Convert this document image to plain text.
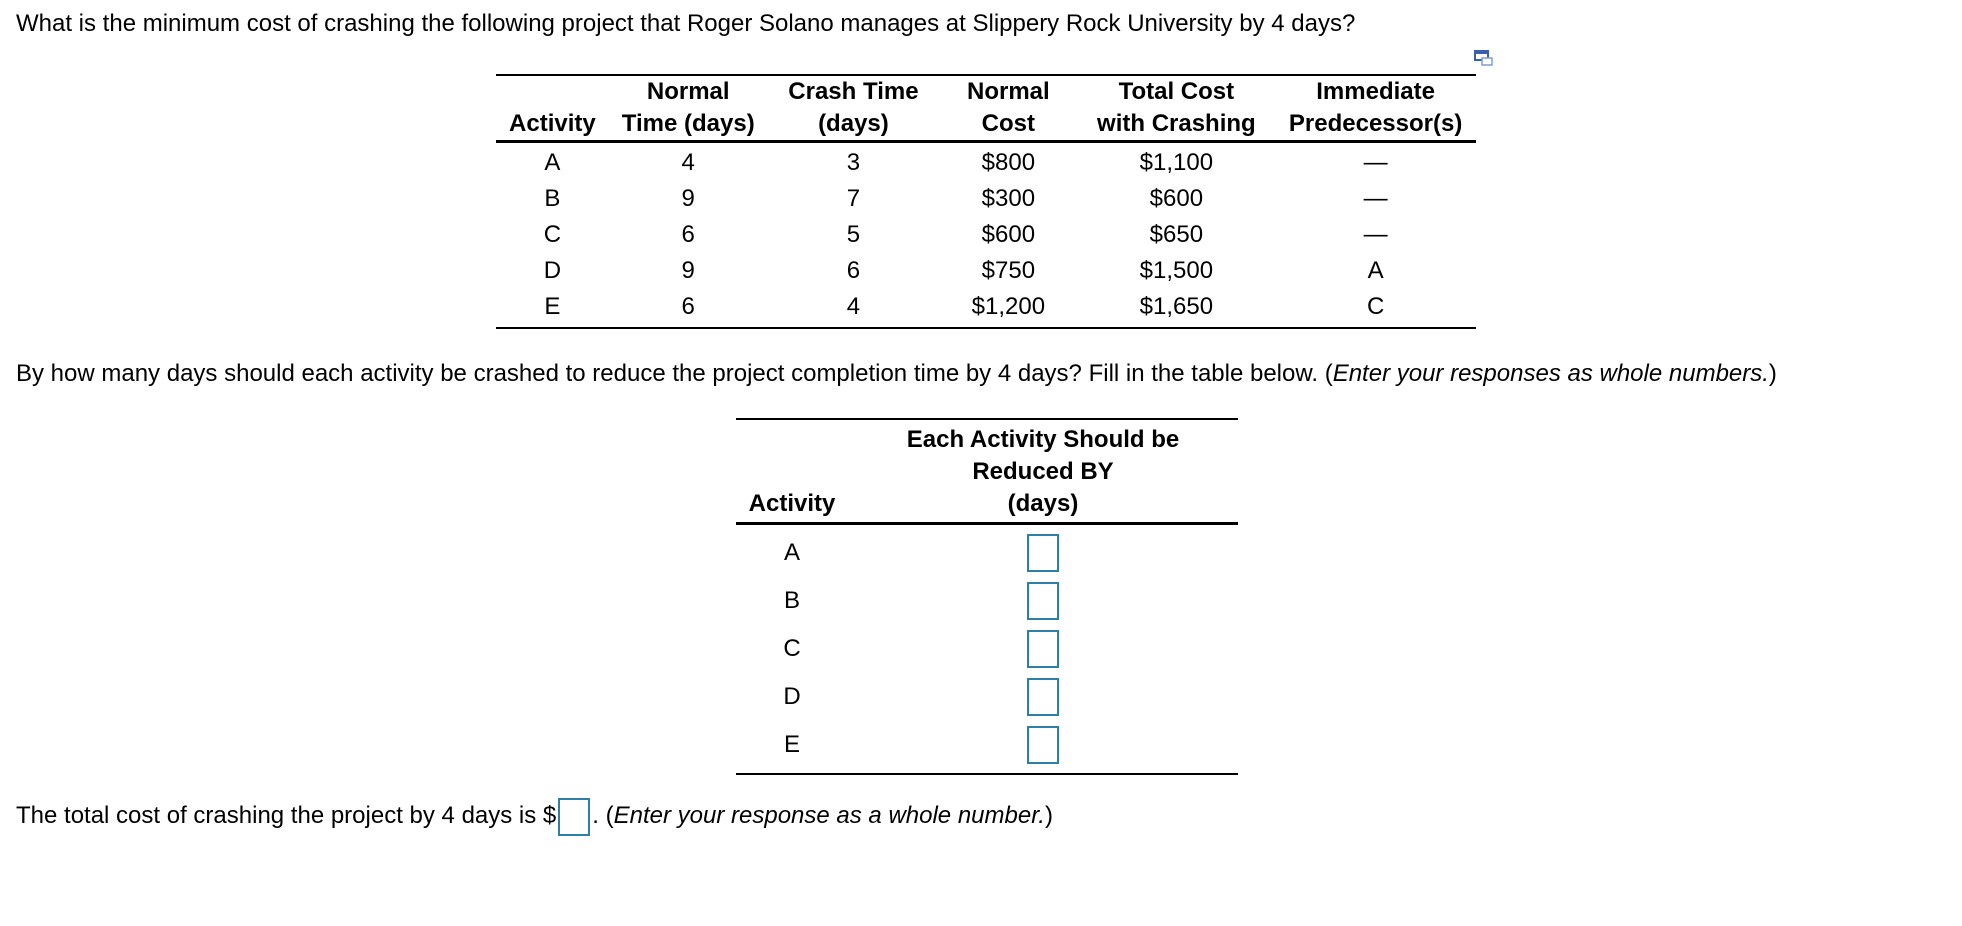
What is the minimum cost of crashing the following project that Roger Solano manages at Slippery Rock University by 4 days?
	Normal	Crash Time	Normal	Total Cost	Immediate
Activity	Time (days)	(days)	Cost	with Crashing	Predecessor(s)
A	4	3	$800	$1,100	—
B	9	7	$300	$600	—
C	6	5	$600	$650	—
D	9	6	$750	$1,500	A
E	6	4	$1,200	$1,650	C
By how many days should each activity be crashed to reduce the project completion time by 4 days? Fill in the table below. (Enter your responses as whole numbers.)
	Each Activity Should be
	Reduced BY
Activity	(days)
A	
B	
C	
D	
E	
The total cost of crashing the project by 4 days is $ . (Enter your response as a whole number.)
